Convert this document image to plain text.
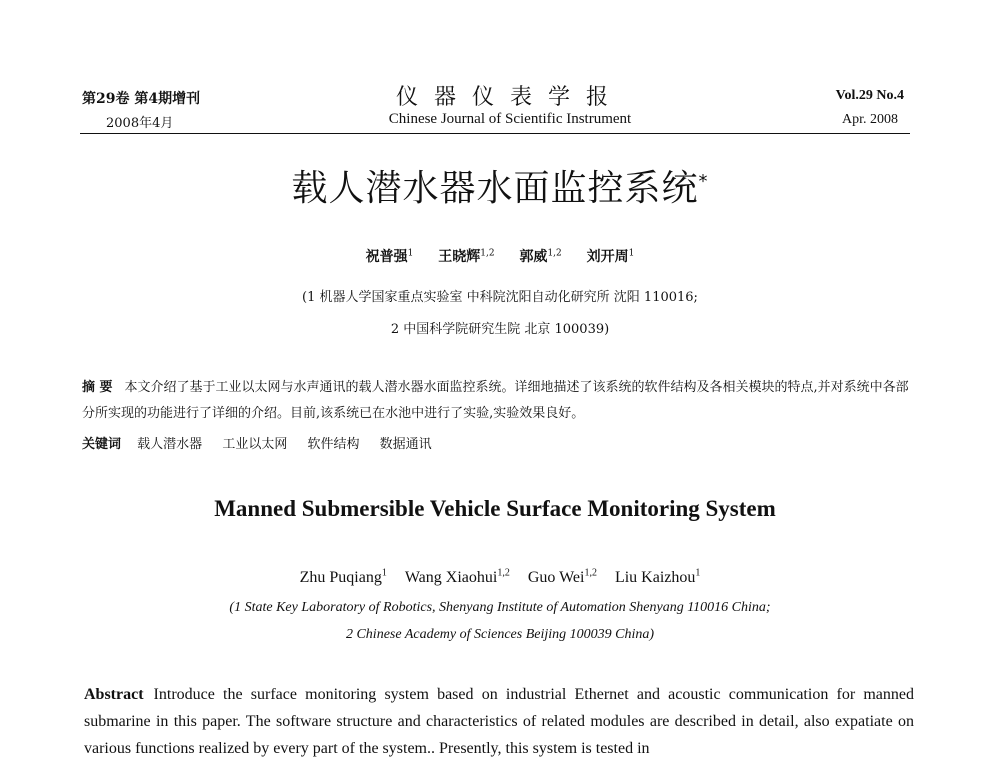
第29卷 第4期增刊
2008年4月
仪器仪表学报
Chinese Journal of Scientific Instrument
Vol.29 No.4
Apr. 2008
载人潜水器水面监控系统*
祝普强$^1$ 王晓辉$^{1,2}$ 郭威$^{1,2}$ 刘开周$^1$
(1 机器人学国家重点实验室 中科院沈阳自动化研究所 沈阳 110016;
2 中国科学院研究生院 北京 100039)
摘 要 本文介绍了基于工业以太网与水声通讯的载人潜水器水面监控系统。详细地描述了该系统的软件结构及各相关模块的特点,并对系统中各部分所实现的功能进行了详细的介绍。目前,该系统已在水池中进行了实验,实验效果良好。
关键词 载人潜水器 工业以太网 软件结构 数据通讯
Manned Submersible Vehicle Surface Monitoring System
Zhu Puqiang$^1$ Wang Xiaohui$^{1,2}$ Guo Wei$^{1,2}$ Liu Kaizhou$^1$
(1 State Key Laboratory of Robotics, Shenyang Institute of Automation Shenyang 110016 China;
2 Chinese Academy of Sciences Beijing 100039 China)
Abstract Introduce the surface monitoring system based on industrial Ethernet and acoustic communication for manned submarine in this paper. The software structure and characteristics of related modules are described in detail, also expatiate on various functions realized by every part of the system.. Presently, this system is tested in
